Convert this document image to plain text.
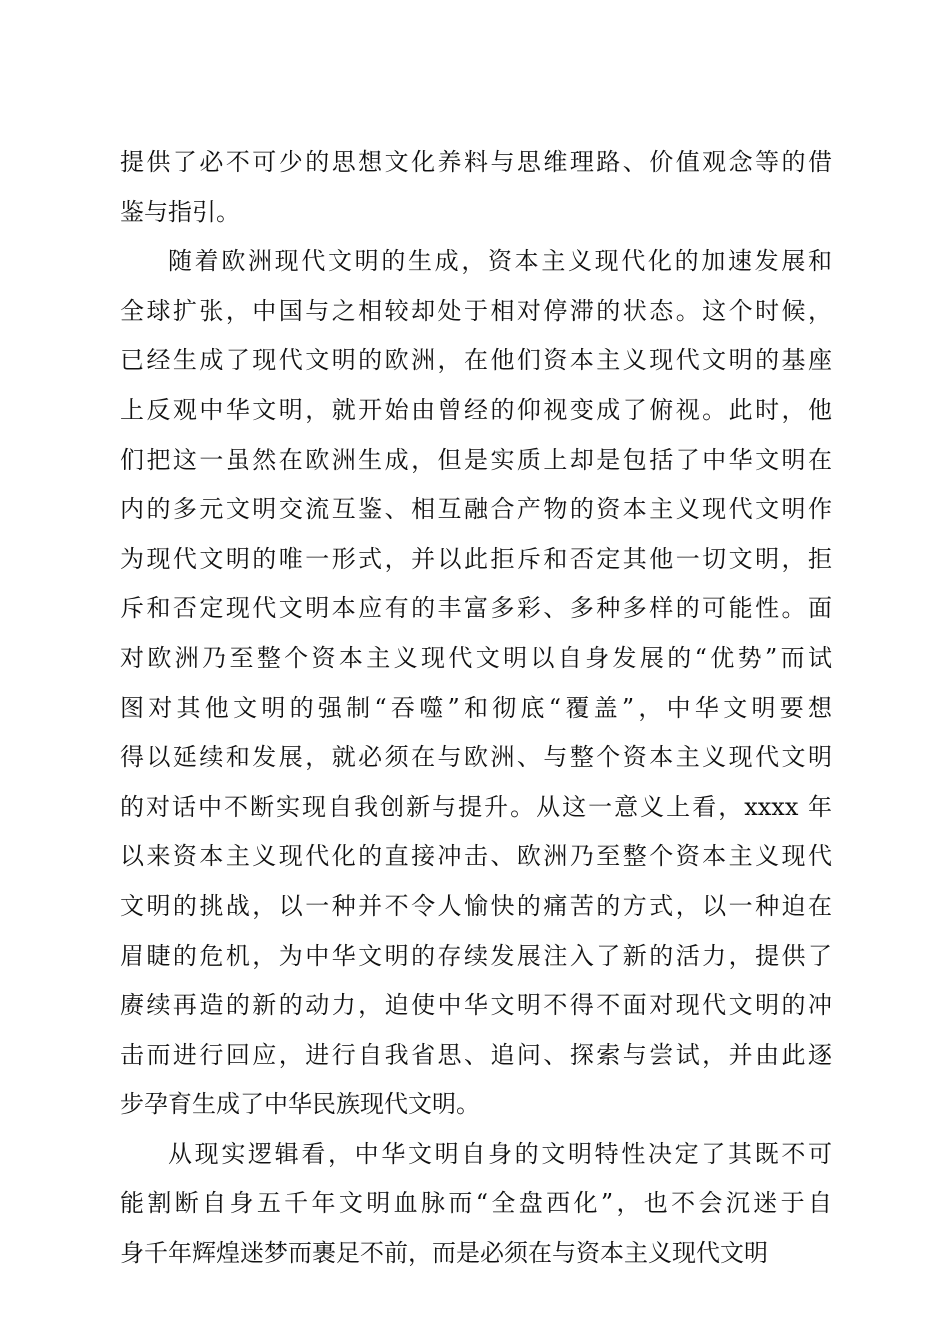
提供了必不可少的思想文化养料与思维理路、价值观念等的借
鉴与指引。
随着欧洲现代文明的生成，资本主义现代化的加速发展和
全球扩张，中国与之相较却处于相对停滞的状态。这个时候，
已经生成了现代文明的欧洲，在他们资本主义现代文明的基座
上反观中华文明，就开始由曾经的仰视变成了俯视。此时，他
们把这一虽然在欧洲生成，但是实质上却是包括了中华文明在
内的多元文明交流互鉴、相互融合产物的资本主义现代文明作
为现代文明的唯一形式，并以此拒斥和否定其他一切文明，拒
斥和否定现代文明本应有的丰富多彩、多种多样的可能性。面
对欧洲乃至整个资本主义现代文明以自身发展的“优势”而试
图对其他文明的强制“吞噬”和彻底“覆盖”，中华文明要想
得以延续和发展，就必须在与欧洲、与整个资本主义现代文明
的对话中不断实现自我创新与提升。从这一意义上看，xxxx 年
以来资本主义现代化的直接冲击、欧洲乃至整个资本主义现代
文明的挑战，以一种并不令人愉快的痛苦的方式，以一种迫在
眉睫的危机，为中华文明的存续发展注入了新的活力，提供了
赓续再造的新的动力，迫使中华文明不得不面对现代文明的冲
击而进行回应，进行自我省思、追问、探索与尝试，并由此逐
步孕育生成了中华民族现代文明。
从现实逻辑看，中华文明自身的文明特性决定了其既不可
能割断自身五千年文明血脉而“全盘西化”，也不会沉迷于自
身千年辉煌迷梦而裹足不前，而是必须在与资本主义现代文明
